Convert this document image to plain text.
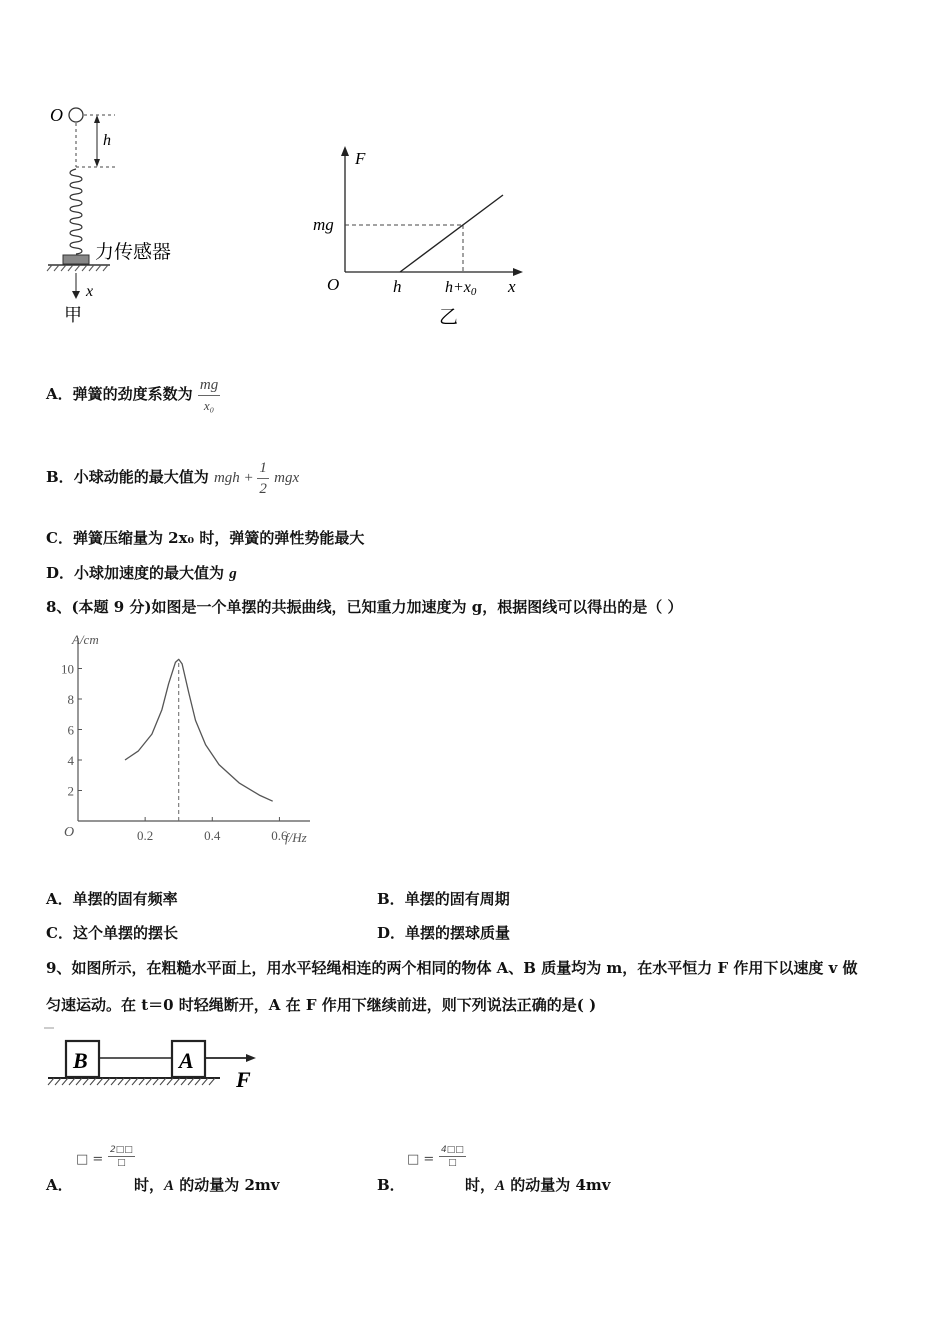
O
h
力传感器
x
甲
F
x
mg
O	h	h+x0
乙
A．弹簧的劲度系数为 $\frac{mg}{\text{x₀}}$
B．小球动能的最大值为 mgh + $\frac{1}{2}$ mgx
C．弹簧压缩量为 2x₀ 时，弹簧的弹性势能最大
D．小球加速度的最大值为 g
8、(本题 9 分)如图是一个单摆的共振曲线，已知重力加速度为 g，根据图线可以得出的是（ ）
A/cm
f/Hz
O
2
4
6
8
10
0.2	0.4	0.6
A．单摆的固有频率	B．单摆的固有周期
C．这个单摆的摆长	D．单摆的摆球质量
9、如图所示，在粗糙水平面上，用水平轻绳相连的两个相同的物体 A、B 质量均为 m，在水平恒力 F 作用下以速度 v 做
匀速运动。在 t＝0 时轻绳断开，A 在 F 作用下继续前进，则下列说法正确的是( )
B	A
F
□ =
2□□
□
A．	时，A 的动量为 2mv
□ =
4□□
□
B．	时，A 的动量为 4mv
